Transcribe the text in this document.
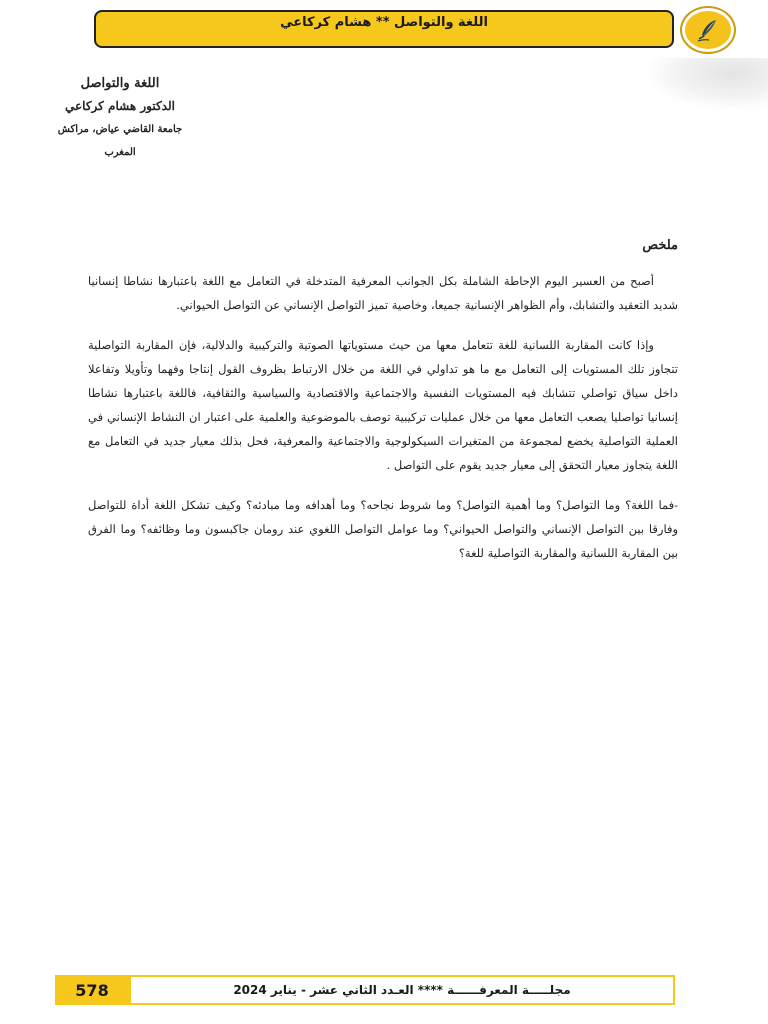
اللغة والتواصل ** هشام كركاعي
اللغة والتواصل
الدكتور هشام كركاعي
جامعة القاضي عياض، مراكش
المغرب
ملخص

أصبح من العسير اليوم الإحاطة الشاملة بكل الجوانب المعرفية المتدخلة في التعامل مع اللغة باعتبارها نشاطا إنسانيا شديد التعقيد والتشابك، وأم الظواهر الإنسانية جميعا، وخاصية تميز التواصل الإنساني عن التواصل الحيواني.

وإذا كانت المقاربة اللسانية للغة تتعامل معها من حيث مستوياتها الصوتية والتركيبية والدلالية، فإن المقاربة التواصلية تتجاوز تلك المستويات إلى التعامل مع ما هو تداولي في اللغة من خلال الارتباط بظروف القول إنتاجا وفهما وتأويلا وتفاعلا داخل سياق تواصلي تتشابك فيه المستويات النفسية والاجتماعية والاقتصادية والسياسية والثقافية، فاللغة باعتبارها نشاطا إنسانيا تواصليا يصعب التعامل معها من خلال عمليات تركيبية توصف بالموضوعية والعلمية على اعتبار ان النشاط الإنساني في العملية التواصلية يخضع لمجموعة من المتغيرات السيكولوجية والاجتماعية والمعرفية، فحل بذلك معيار جديد في التعامل مع اللغة يتجاوز معيار التحقق إلى معيار جديد يقوم على التواصل .

-فما اللغة؟ وما التواصل؟ وما أهمية التواصل؟ وما شروط نجاحه؟ وما أهدافه وما مبادئه؟ وكيف تشكل اللغة أداة للتواصل وفارقا بين التواصل الإنساني والتواصل الحيواني؟ وما عوامل التواصل اللغوي عند رومان جاكبسون وما وظائفه؟ وما الفرق بين المقاربة اللسانية والمقاربة التواصلية للغة؟

578	مجلـــــة المعرفــــــة **** العـدد الثاني عشر - يناير 2024
